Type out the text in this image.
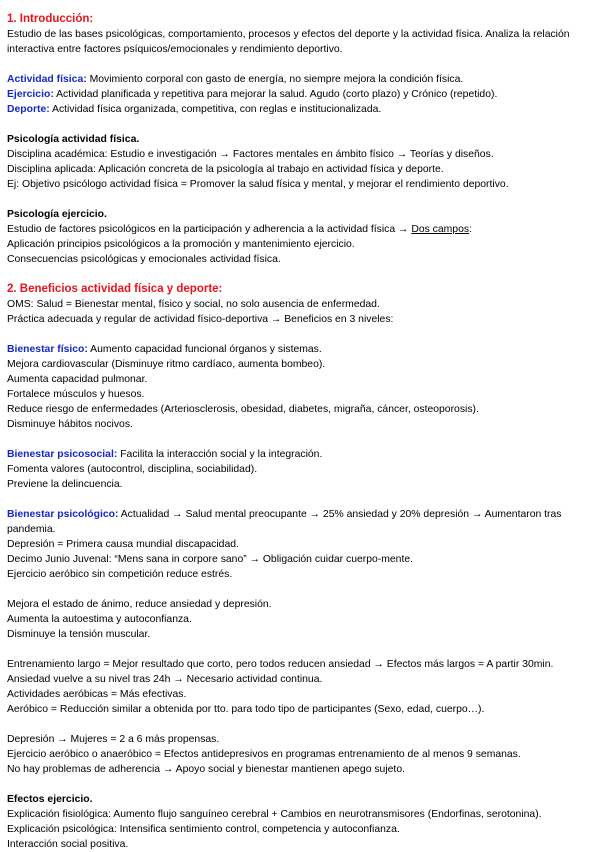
1. Introducción:

Estudio de las bases psicológicas, comportamiento, procesos y efectos del deporte y la actividad física. Analiza la relación interactiva entre factores psíquicos/emocionales y rendimiento deportivo.

Actividad física: Movimiento corporal con gasto de energía, no siempre mejora la condición física.

Ejercicio: Actividad planificada y repetitiva para mejorar la salud. Agudo (corto plazo) y Crónico (repetido).

Deporte: Actividad física organizada, competitiva, con reglas e institucionalizada.

Psicología actividad física.

Disciplina académica: Estudio e investigación → Factores mentales en ámbito físico → Teorías y diseños.

Disciplina aplicada: Aplicación concreta de la psicología al trabajo en actividad física y deporte.

Ej: Objetivo psicólogo actividad física = Promover la salud física y mental, y mejorar el rendimiento deportivo.

Psicología ejercicio.

Estudio de factores psicológicos en la participación y adherencia a la actividad física → Dos campos:

Aplicación principios psicológicos a la promoción y mantenimiento ejercicio.

Consecuencias psicológicas y emocionales actividad física.

2. Beneficios actividad física y deporte:

OMS: Salud = Bienestar mental, físico y social, no solo ausencia de enfermedad.

Práctica adecuada y regular de actividad físico-deportiva → Beneficios en 3 niveles:

Bienestar físico: Aumento capacidad funcional órganos y sistemas.

Mejora cardiovascular (Disminuye ritmo cardíaco, aumenta bombeo).

Aumenta capacidad pulmonar.

Fortalece músculos y huesos.

Reduce riesgo de enfermedades (Arteriosclerosis, obesidad, diabetes, migraña, cáncer, osteoporosis).

Disminuye hábitos nocivos.

Bienestar psicosocial: Facilita la interacción social y la integración.

Fomenta valores (autocontrol, disciplina, sociabilidad).

Previene la delincuencia.

Bienestar psicológico: Actualidad → Salud mental preocupante → 25% ansiedad y 20% depresión → Aumentaron tras pandemia.

Depresión = Primera causa mundial discapacidad.

Decimo Junio Juvenal: “Mens sana in corpore sano” → Obligación cuidar cuerpo-mente.

Ejercicio aeróbico sin competición reduce estrés.

Mejora el estado de ánimo, reduce ansiedad y depresión.

Aumenta la autoestima y autoconfianza.

Disminuye la tensión muscular.

Entrenamiento largo = Mejor resultado que corto, pero todos reducen ansiedad → Efectos más largos = A partir 30min.

Ansiedad vuelve a su nivel tras 24h → Necesario actividad continua.

Actividades aeróbicas = Más efectivas.

Aeróbico = Reducción similar a obtenida por tto. para todo tipo de participantes (Sexo, edad, cuerpo…).

Depresión → Mujeres = 2 a 6 más propensas.

Ejercicio aeróbico o anaeróbico = Efectos antidepresivos en programas entrenamiento de al menos 9 semanas.

No hay problemas de adherencia → Apoyo social y bienestar mantienen apego sujeto.

Efectos ejercicio.

Explicación fisiológica: Aumento flujo sanguíneo cerebral + Cambios en neurotransmisores (Endorfinas, serotonina).

Explicación psicológica: Intensifica sentimiento control, competencia y autoconfianza.

Interacción social positiva.
